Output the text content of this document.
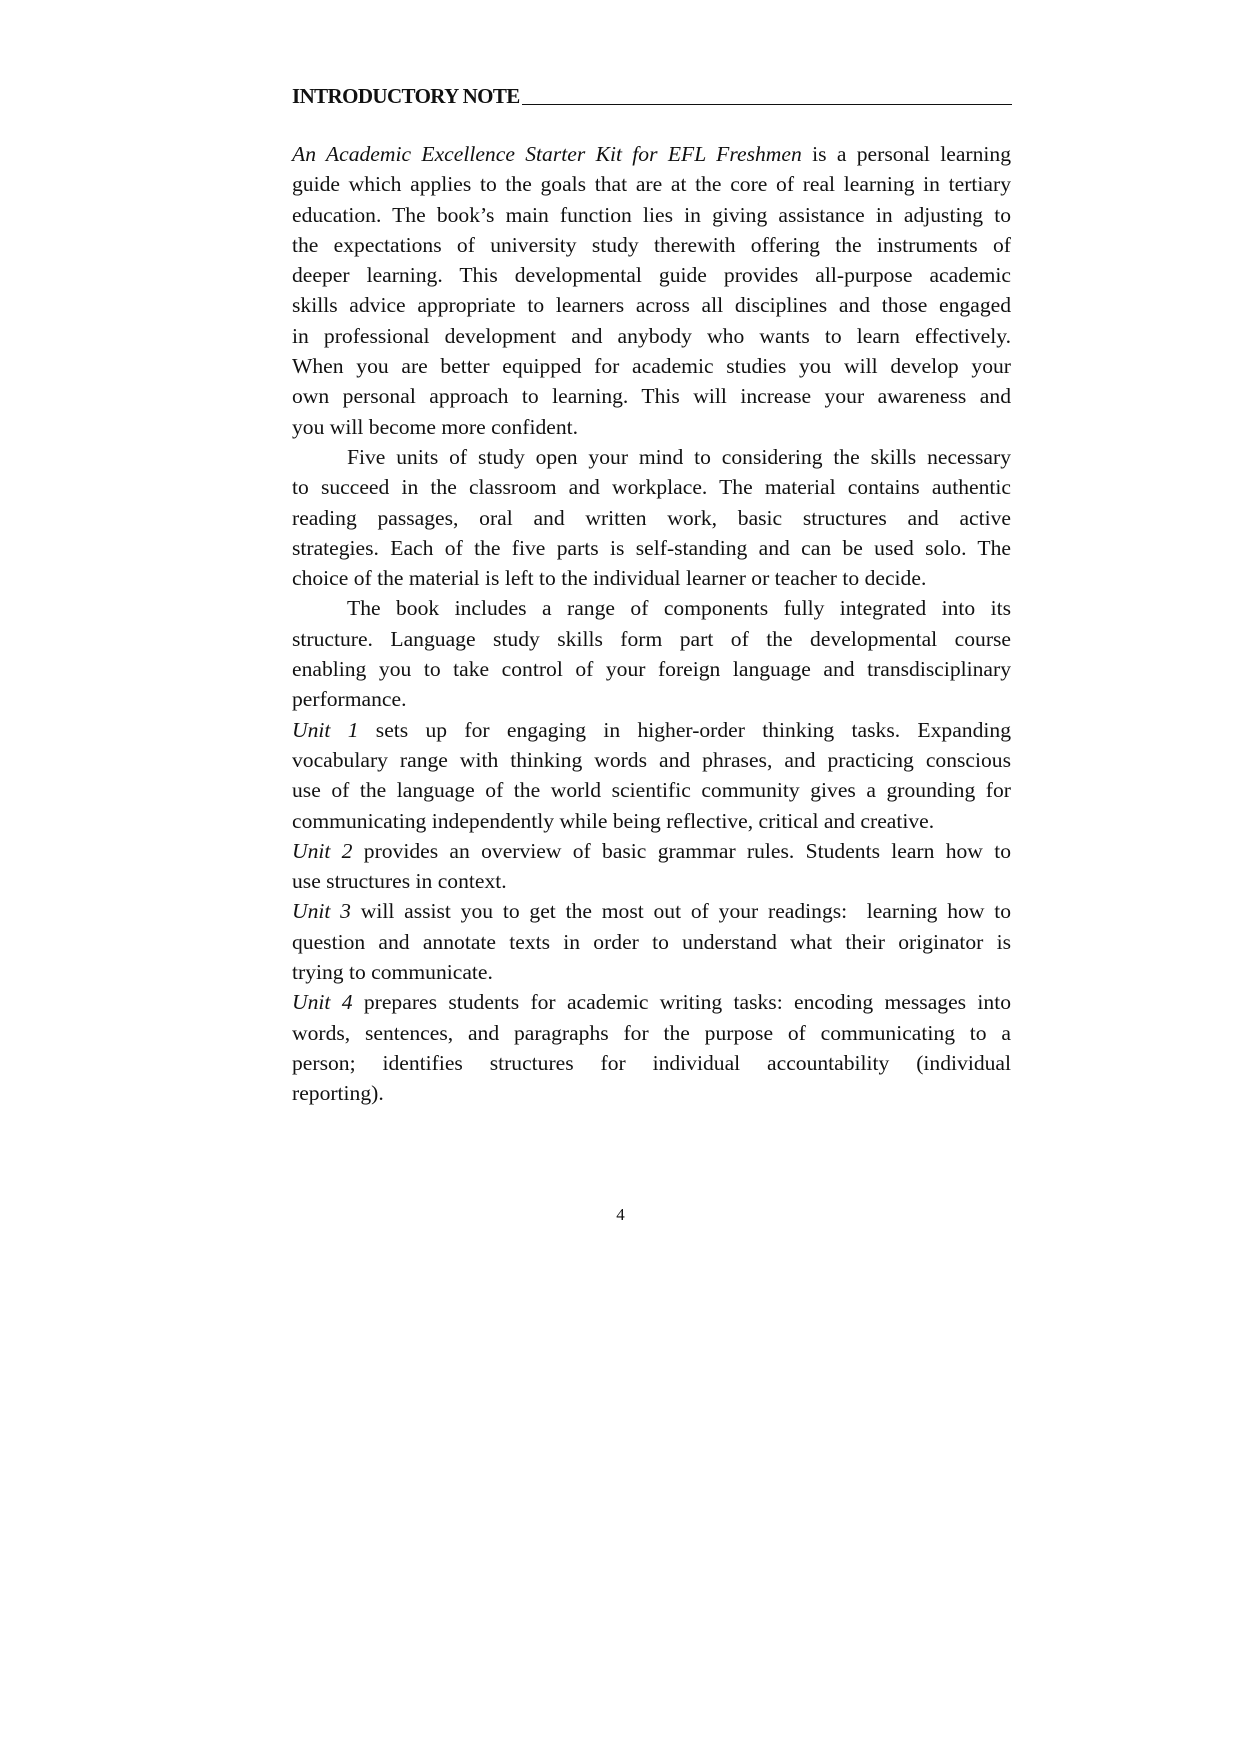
INTRODUCTORY NOTE
An Academic Excellence Starter Kit for EFL Freshmen is a personal learning
guide which applies to the goals that are at the core of real learning in tertiary
education. The book’s main function lies in giving assistance in adjusting to
the expectations of university study therewith offering the instruments of
deeper learning. This developmental guide provides all-purpose academic
skills advice appropriate to learners across all disciplines and those engaged
in professional development and anybody who wants to learn effectively.
When you are better equipped for academic studies you will develop your
own personal approach to learning. This will increase your awareness and
you will become more confident.
Five units of study open your mind to considering the skills necessary
to succeed in the classroom and workplace. The material contains authentic
reading passages, oral and written work, basic structures and active
strategies. Each of the five parts is self-standing and can be used solo. The
choice of the material is left to the individual learner or teacher to decide.
The book includes a range of components fully integrated into its
structure. Language study skills form part of the developmental course
enabling you to take control of your foreign language and transdisciplinary
performance.
Unit 1 sets up for engaging in higher-order thinking tasks. Expanding
vocabulary range with thinking words and phrases, and practicing conscious
use of the language of the world scientific community gives a grounding for
communicating independently while being reflective, critical and creative.
Unit 2 provides an overview of basic grammar rules. Students learn how to
use structures in context.
Unit 3 will assist you to get the most out of your readings:  learning how to
question and annotate texts in order to understand what their originator is
trying to communicate.
Unit 4 prepares students for academic writing tasks: encoding messages into
words, sentences, and paragraphs for the purpose of communicating to a
person; identifies structures for individual accountability (individual
reporting).
4
